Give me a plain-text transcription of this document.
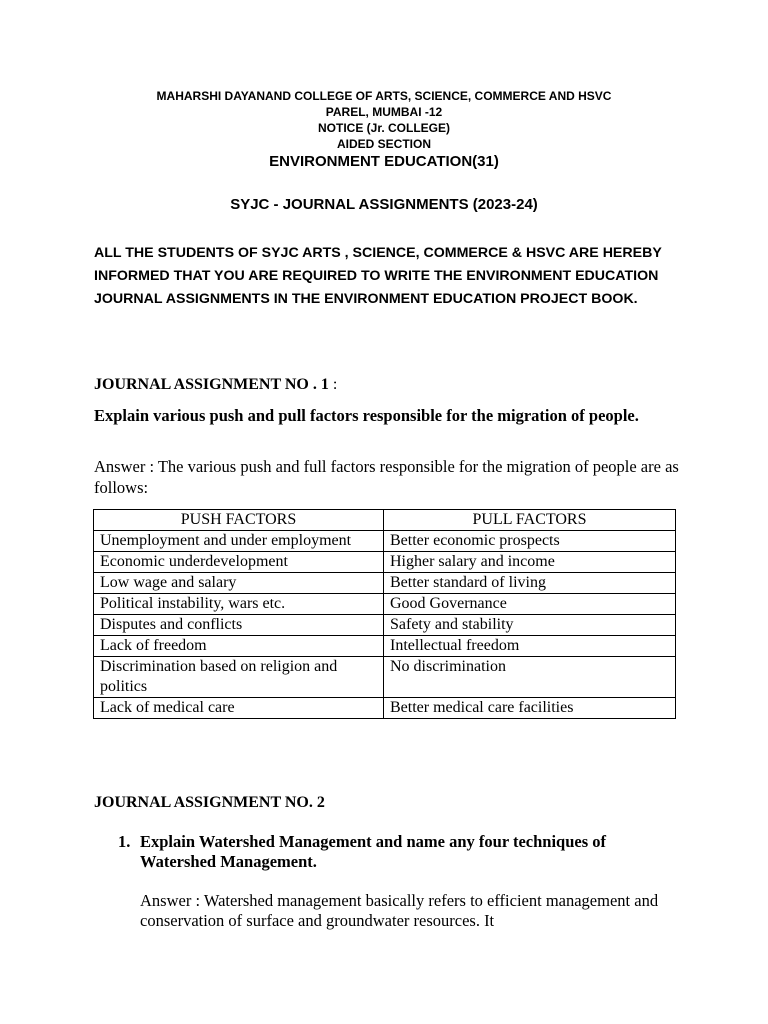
MAHARSHI DAYANAND COLLEGE OF ARTS, SCIENCE, COMMERCE AND HSVC
PAREL, MUMBAI -12
NOTICE (Jr. COLLEGE)
AIDED SECTION
ENVIRONMENT EDUCATION(31)
SYJC - JOURNAL ASSIGNMENTS (2023-24)

ALL THE STUDENTS OF SYJC ARTS , SCIENCE, COMMERCE & HSVC ARE HEREBY INFORMED THAT YOU ARE REQUIRED TO WRITE THE ENVIRONMENT EDUCATION JOURNAL ASSIGNMENTS IN THE ENVIRONMENT EDUCATION PROJECT BOOK.

JOURNAL ASSIGNMENT NO . 1 :

Explain various push and pull factors responsible for the migration of people.

Answer : The various push and full factors responsible for the migration of people are as follows:

PUSH FACTORS	PULL FACTORS
Unemployment and under employment	Better economic prospects
Economic underdevelopment	Higher salary and income
Low wage and salary	Better standard of living
Political instability, wars etc.	Good Governance
Disputes and conflicts	Safety and stability
Lack of freedom	Intellectual freedom
Discrimination based on religion and politics	No discrimination
Lack of medical care	Better medical care facilities
JOURNAL ASSIGNMENT NO. 2
1. Explain Watershed Management and name any four techniques of Watershed Management.

Answer : Watershed management basically refers to efficient management and conservation of surface and groundwater resources. It
